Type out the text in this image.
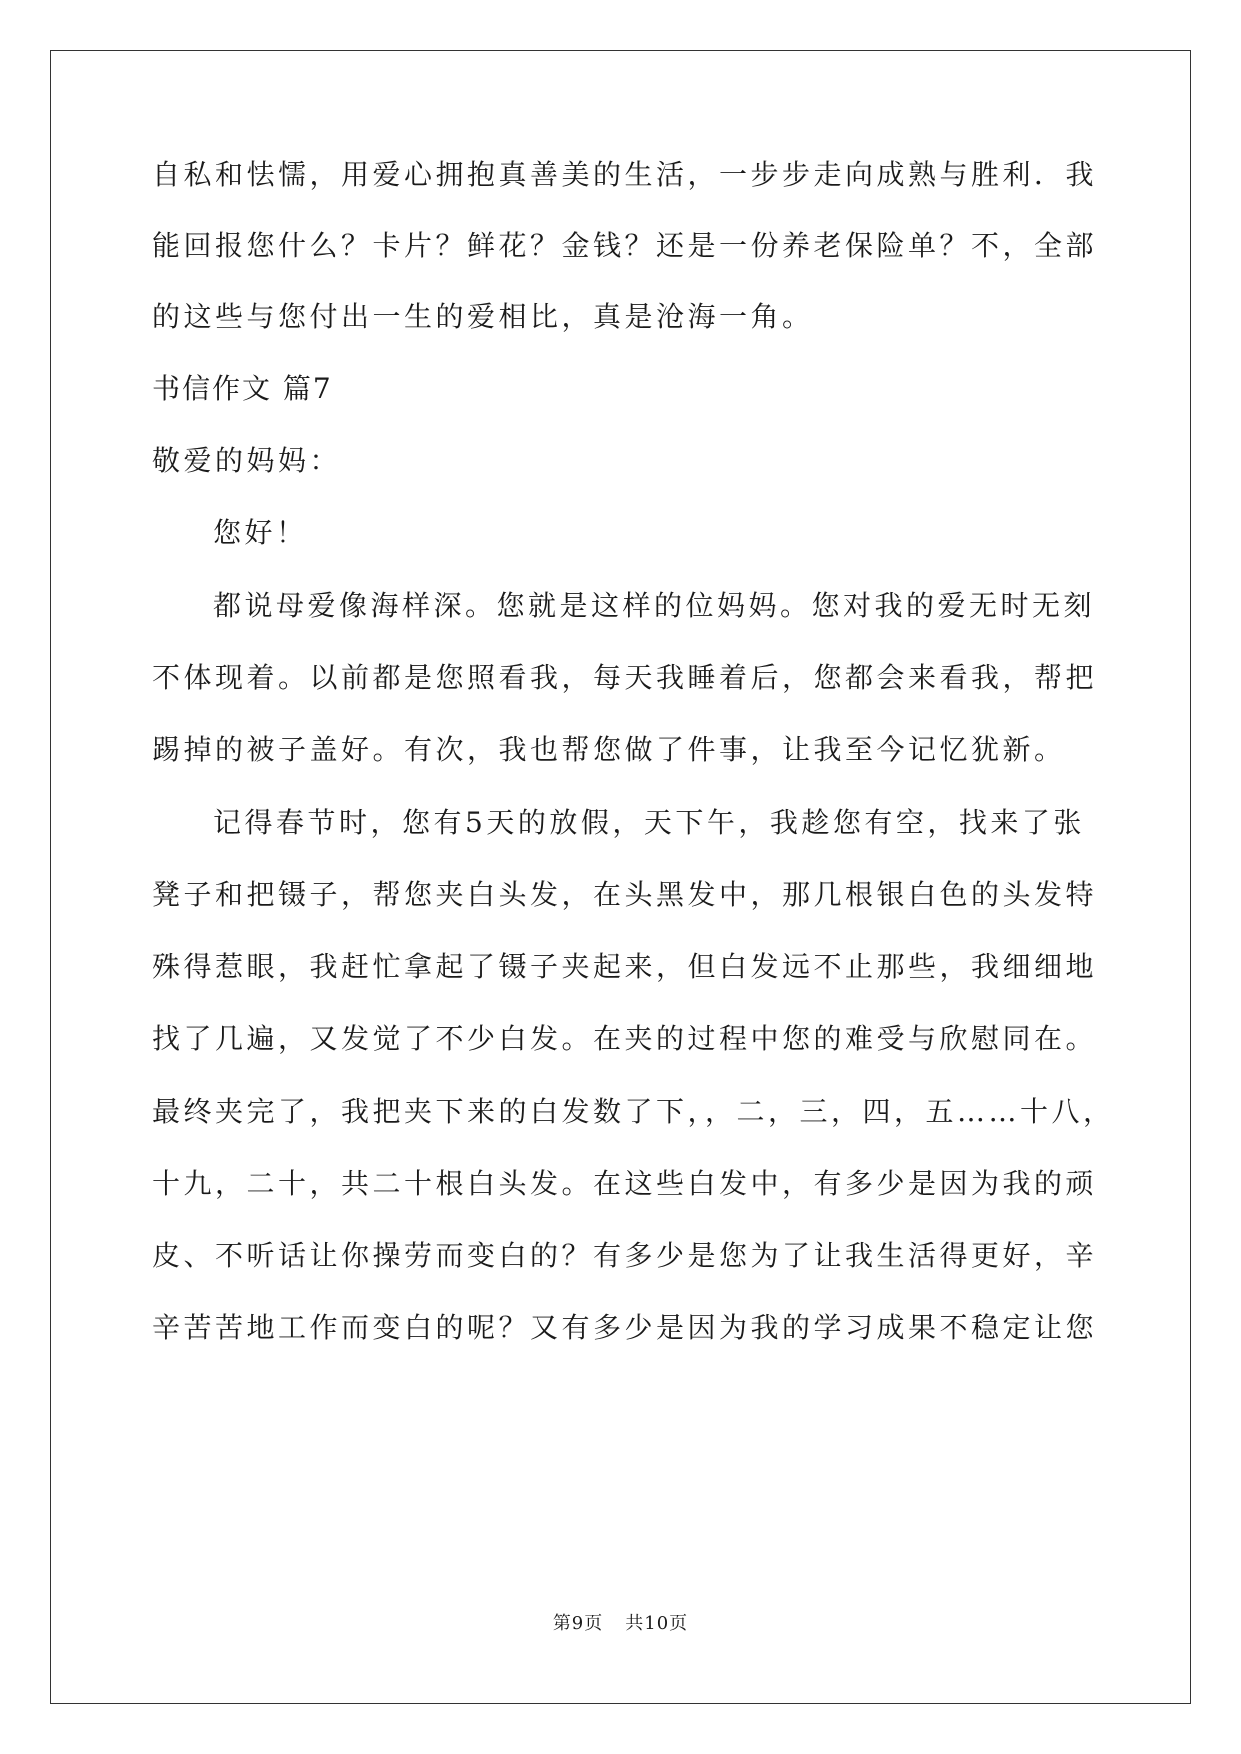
自私和怯懦，用爱心拥抱真善美的生活，一步步走向成熟与胜利．我
能回报您什么？卡片？鲜花？金钱？还是一份养老保险单？不，全部
的这些与您付出一生的爱相比，真是沧海一角。
书信作文 篇7
敬爱的妈妈：
您好！
都说母爱像海样深。您就是这样的位妈妈。您对我的爱无时无刻
不体现着。以前都是您照看我，每天我睡着后，您都会来看我，帮把
踢掉的被子盖好。有次，我也帮您做了件事，让我至今记忆犹新。
记得春节时，您有5天的放假，天下午，我趁您有空，找来了张
凳子和把镊子，帮您夹白头发，在头黑发中，那几根银白色的头发特
殊得惹眼，我赶忙拿起了镊子夹起来，但白发远不止那些，我细细地
找了几遍，又发觉了不少白发。在夹的过程中您的难受与欣慰同在。
最终夹完了，我把夹下来的白发数了下，，二，三，四，五……十八，
十九，二十，共二十根白头发。在这些白发中，有多少是因为我的顽
皮、不听话让你操劳而变白的？有多少是您为了让我生活得更好，辛
辛苦苦地工作而变白的呢？又有多少是因为我的学习成果不稳定让您
第9页 共10页
